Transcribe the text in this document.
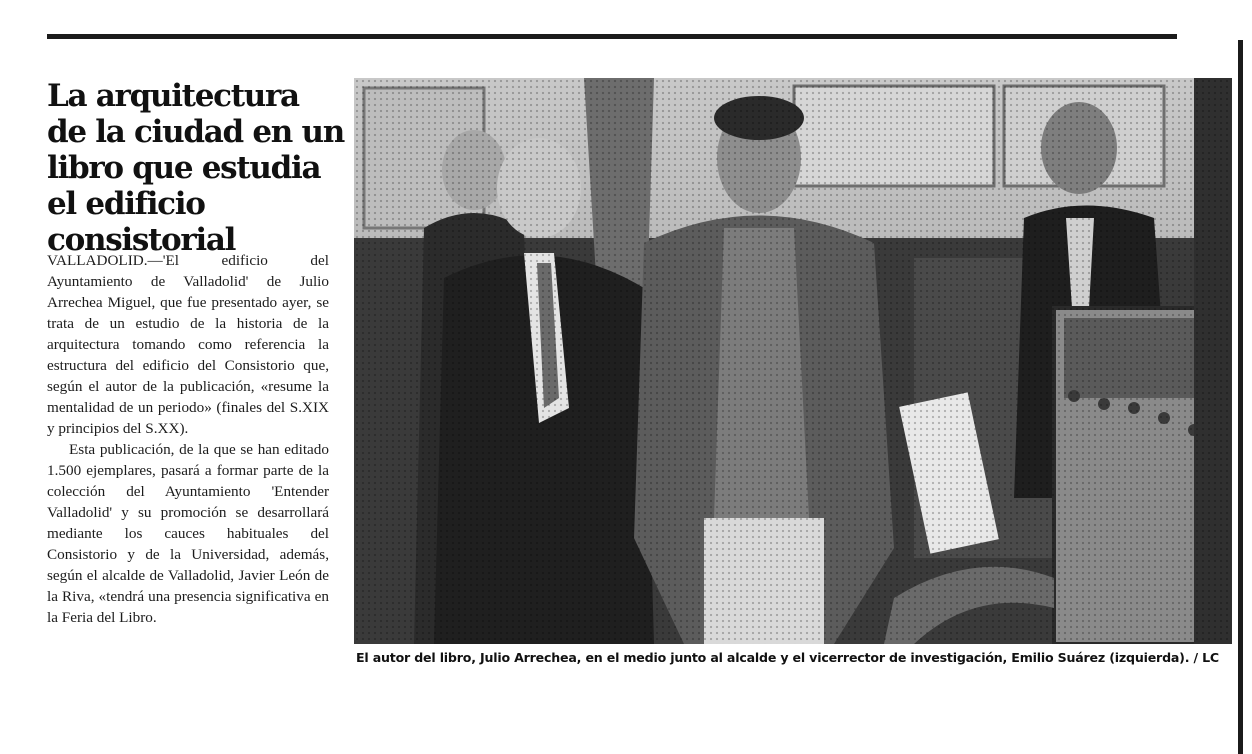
La arquitectura de la ciudad en un libro que estudia el edificio consistorial

VALLADOLID.—'El edificio del Ayuntamiento de Valladolid' de Julio Arrechea Miguel, que fue presentado ayer, se trata de un estudio de la historia de la arquitectura tomando como referencia la estructura del edificio del Consistorio que, según el autor de la publicación, «resume la mentalidad de un periodo» (finales del S.XIX y principios del S.XX).

Esta publicación, de la que se han editado 1.500 ejemplares, pasará a formar parte de la colección del Ayuntamiento 'Entender Valladolid' y su promoción se desarrollará mediante los cauces habituales del Consistorio y de la Universidad, además, según el alcalde de Valladolid, Javier León de la Riva, «tendrá una presencia significativa en la Feria del Libro.

El autor del libro, Julio Arrechea, en el medio junto al alcalde y el vicerrector de investigación, Emilio Suárez (izquierda). / LC
